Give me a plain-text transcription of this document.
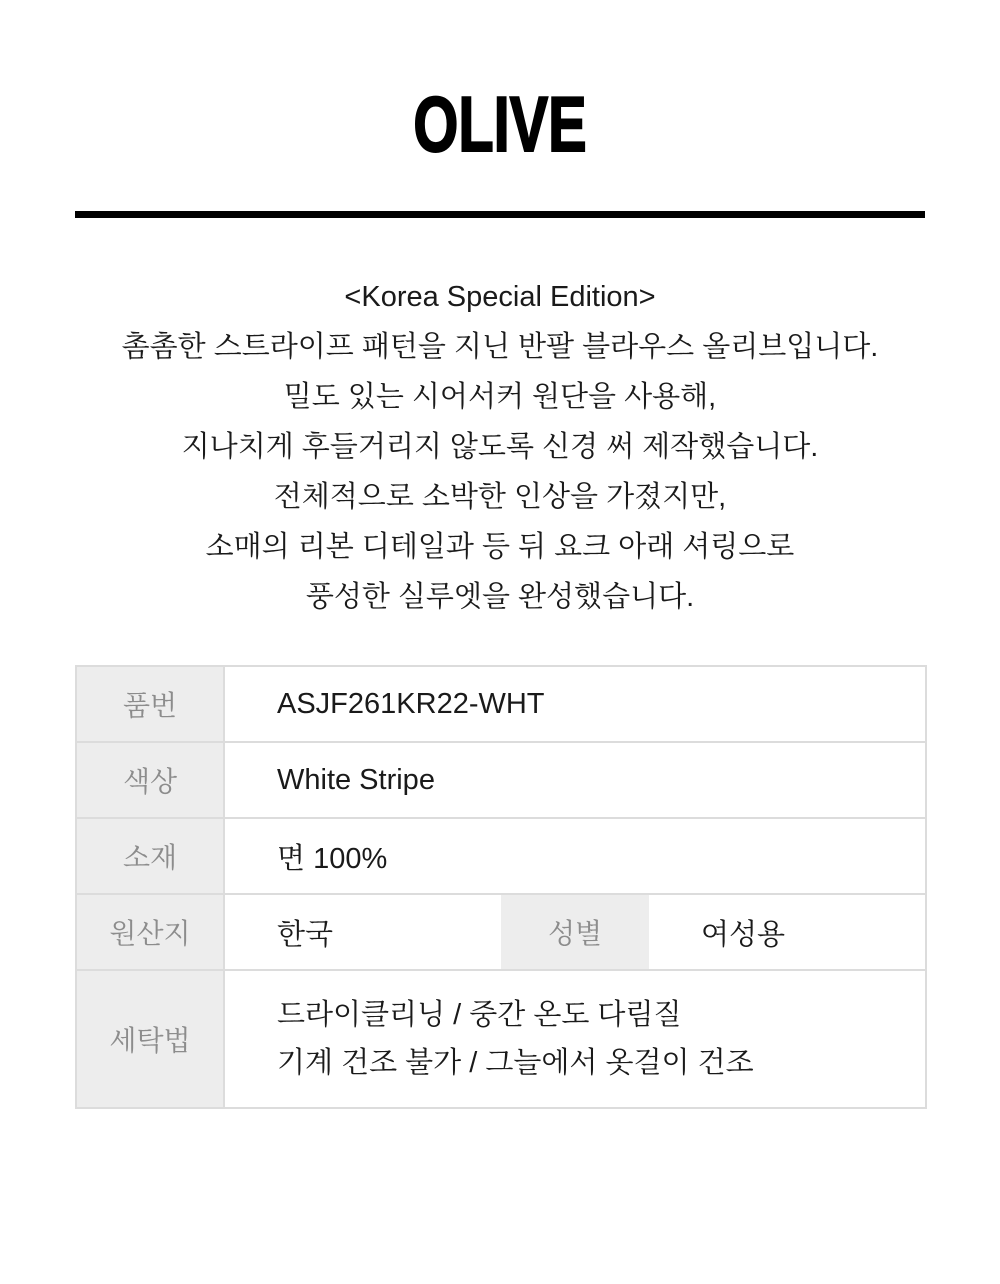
OLIVE

<Korea Special Edition>

촘촘한 스트라이프 패턴을 지닌 반팔 블라우스 올리브입니다.

밀도 있는 시어서커 원단을 사용해,

지나치게 후들거리지 않도록 신경 써 제작했습니다.

전체적으로 소박한 인상을 가졌지만,

소매의 리본 디테일과 등 뒤 요크 아래 셔링으로

풍성한 실루엣을 완성했습니다.

품번	ASJF261KR22-WHT		
색상	White Stripe		
소재	면 100%		
원산지	한국	성별	여성용
세탁법	드라이클리닝 / 중간 온도 다림질
기계 건조 불가 / 그늘에서 옷걸이 건조		
